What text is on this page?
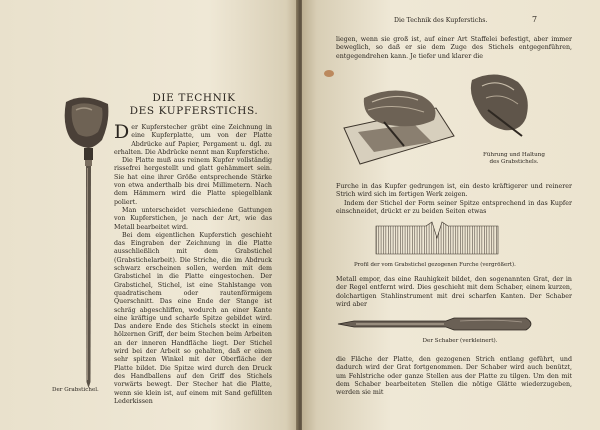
Der Grabstichel.
DIE TECHNIK
DES KUPFERSTICHS.

Der Kupferstecher gräbt eine Zeichnung in eine Kupferplatte, um von der Platte Abdrücke auf Papier, Pergament u. dgl. zu erhalten. Die Abdrücke nennt man Kupferstiche.

Die Platte muß aus reinem Kupfer vollständig rissefrei hergestellt und glatt gehämmert sein. Sie hat eine ihrer Größe entsprechende Stärke von etwa anderthalb bis drei Millimetern. Nach dem Hämmern wird die Platte spiegelblank poliert.

Man unterscheidet verschiedene Gattungen von Kupferstichen, je nach der Art, wie das Metall bearbeitet wird.

Bei dem eigentlichen Kupferstich geschieht das Eingraben der Zeichnung in die Platte ausschließlich mit dem Grabstichel (Grabstichelarbeit). Die Striche, die im Abdruck schwarz erscheinen sollen, werden mit dem Grabstichel in die Platte eingestochen. Der Grabstichel, Stichel, ist eine Stahlstange von quadratischem oder rautenförmigem Querschnitt. Das eine Ende der Stange ist schräg abgeschliffen, wodurch an einer Kante eine kräftige und scharfe Spitze gebildet wird. Das andere Ende des Stichels steckt in einem hölzernen Griff, der beim Stechen beim Arbeiten an der inneren Handfläche liegt. Der Stichel wird bei der Arbeit so gehalten, daß er einen sehr spitzen Winkel mit der Oberfläche der Platte bildet. Die Spitze wird durch den Druck des Handballens auf den Griff des Stichels vorwärts bewegt. Der Stecher hat die Platte, wenn sie klein ist, auf einem mit Sand gefüllten Lederkissen

Die Technik des Kupferstichs.	7
liegen, wenn sie groß ist, auf einer Art Staffelei befestigt, aber immer beweglich, so daß er sie dem Zuge des Stichels entgegenführen, entgegendrehen kann. Je tiefer und klarer die
Führung und Haltung
des Grabstichels.
Furche in das Kupfer gedrungen ist, ein desto kräftigerer und reinerer Strich wird sich im fertigen Werk zeigen.
Indem der Stichel der Form seiner Spitze entsprechend in das Kupfer einschneidet, drückt er zu beiden Seiten etwas
Profil der vom Grabstichel gezogenen Furche (vergrößert).
Metall empor, das eine Rauhigkeit bildet, den sogenannten Grat, der in der Regel entfernt wird. Dies geschieht mit dem Schaber, einem kurzen, dolchartigen Stahlinstrument mit drei scharfen Kanten. Der Schaber wird aber
Der Schaber (verkleinert).
die Fläche der Platte, den gezogenen Strich entlang geführt, und dadurch wird der Grat fortgenommen. Der Schaber wird auch benützt, um Fehlstriche oder ganze Stellen aus der Platte zu tilgen. Um den mit dem Schaber bearbeiteten Stellen die nötige Glätte wiederzugeben, werden sie mit
